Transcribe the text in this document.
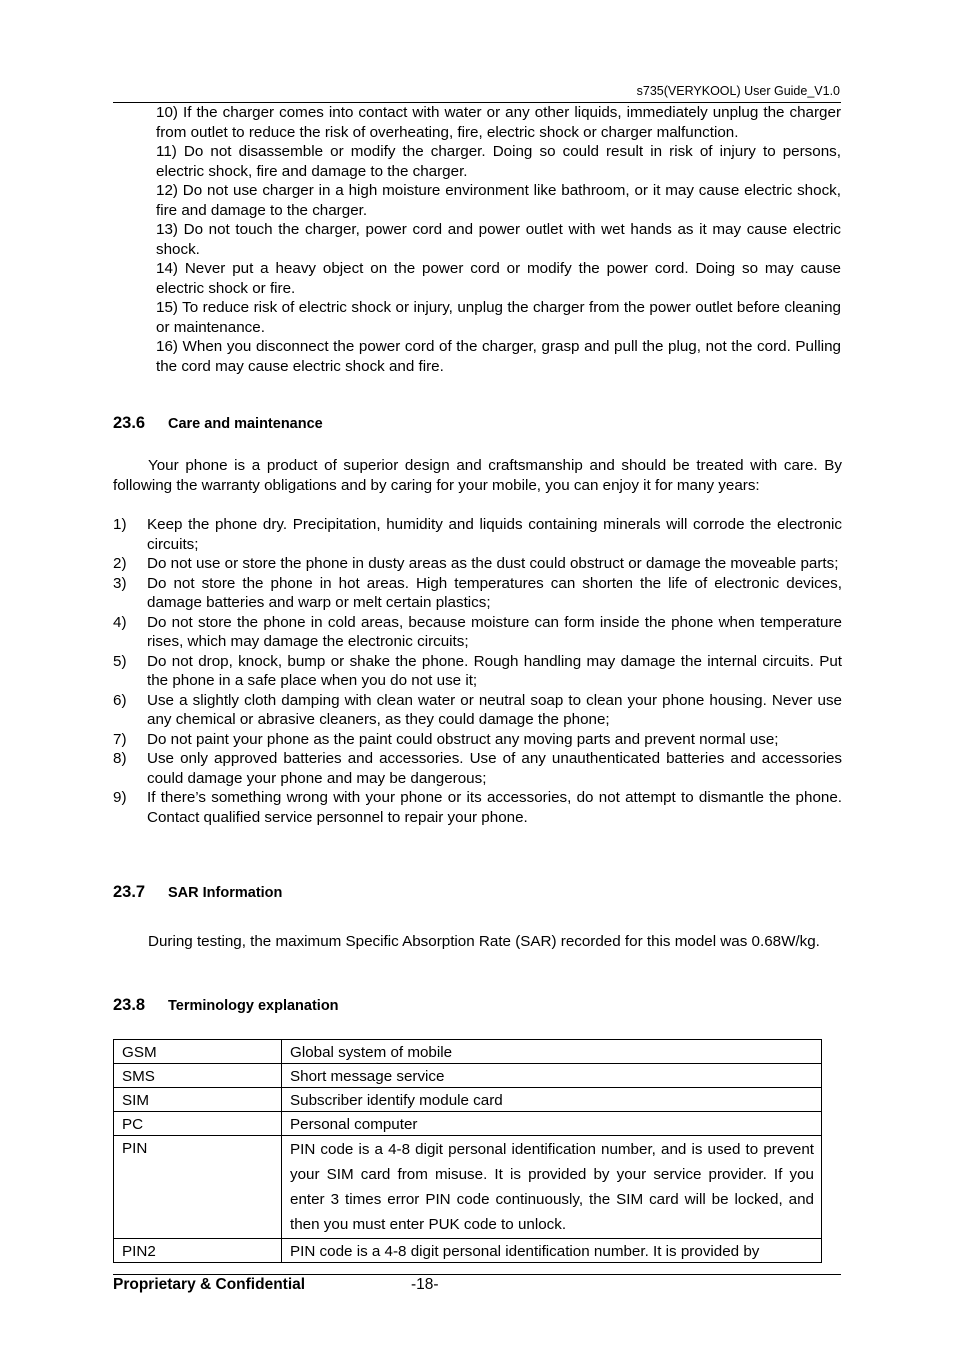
s735(VERYKOOL) User Guide_V1.0
10) If the charger comes into contact with water or any other liquids, immediately unplug the charger from outlet to reduce the risk of overheating, fire, electric shock or charger malfunction.
11) Do not disassemble or modify the charger. Doing so could result in risk of injury to persons, electric shock, fire and damage to the charger.
12) Do not use charger in a high moisture environment like bathroom, or it may cause electric shock, fire and damage to the charger.
13) Do not touch the charger, power cord and power outlet with wet hands as it may cause electric shock.
14) Never put a heavy object on the power cord or modify the power cord. Doing so may cause electric shock or fire.
15) To reduce risk of electric shock or injury, unplug the charger from the power outlet before cleaning or maintenance.
16) When you disconnect the power cord of the charger, grasp and pull the plug, not the cord. Pulling the cord may cause electric shock and fire.
23.6 Care and maintenance

Your phone is a product of superior design and craftsmanship and should be treated with care. By following the warranty obligations and by caring for your mobile, you can enjoy it for many years:

1)	Keep the phone dry. Precipitation, humidity and liquids containing minerals will corrode the electronic circuits;
2)	Do not use or store the phone in dusty areas as the dust could obstruct or damage the moveable parts;
3)	Do not store the phone in hot areas. High temperatures can shorten the life of electronic devices, damage batteries and warp or melt certain plastics;
4)	Do not store the phone in cold areas, because moisture can form inside the phone when temperature rises, which may damage the electronic circuits;
5)	Do not drop, knock, bump or shake the phone. Rough handling may damage the internal circuits. Put the phone in a safe place when you do not use it;
6)	Use a slightly cloth damping with clean water or neutral soap to clean your phone housing. Never use any chemical or abrasive cleaners, as they could damage the phone;
7)	Do not paint your phone as the paint could obstruct any moving parts and prevent normal use;
8)	Use only approved batteries and accessories. Use of any unauthenticated batteries and accessories could damage your phone and may be dangerous;
9)	If there’s something wrong with your phone or its accessories, do not attempt to dismantle the phone. Contact qualified service personnel to repair your phone.
23.7 SAR Information

During testing, the maximum Specific Absorption Rate (SAR) recorded for this model was 0.68W/kg.

23.8 Terminology explanation
GSM	Global system of mobile
SMS	Short message service
SIM	Subscriber identify module card
PC	Personal computer
PIN	PIN code is a 4-8 digit personal identification number, and is used to prevent your SIM card from misuse. It is provided by your service provider. If you enter 3 times error PIN code continuously, the SIM card will be locked, and then you must enter PUK code to unlock.
PIN2	PIN code is a 4-8 digit personal identification number. It is provided by
Proprietary & Confidential	-18-
